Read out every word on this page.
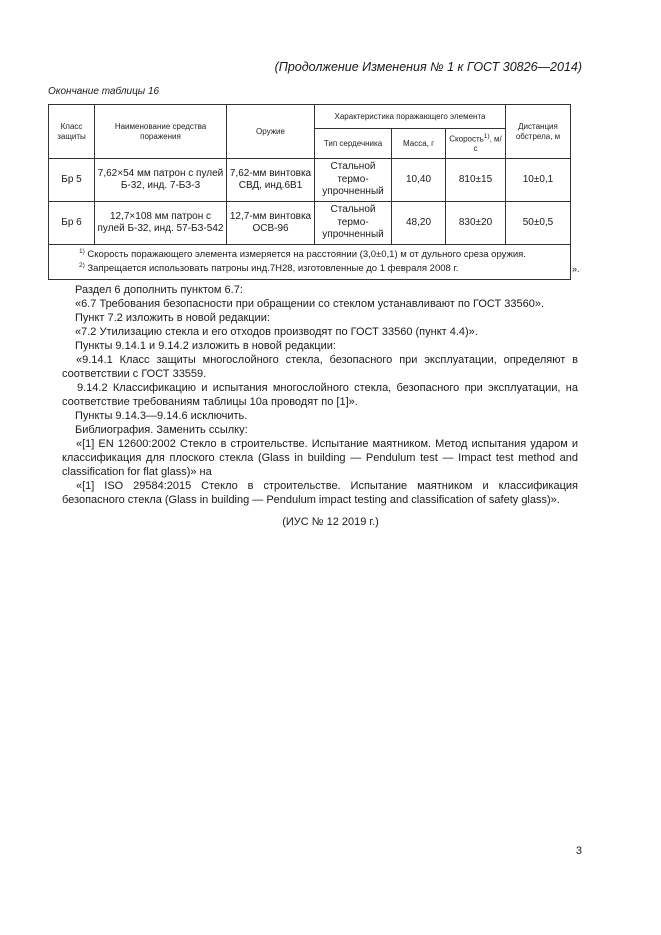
(Продолжение Изменения № 1 к ГОСТ 30826—2014)
Окончание таблицы 16
Класс защиты	Наименование средства поражения	Оружие	Характеристика поражающего элемента			Дистанция обстрела, м
			Тип сердечника	Масса, г	Скорость$^{1)}$, м/с	
Бр 5	7,62×54 мм патрон с пулей Б-32, инд. 7-БЗ-3	7,62-мм винтовка СВД, инд.6В1	Стальной термо-упрочненный	10,40	810±15	10±0,1
Бр 6	12,7×108 мм патрон с пулей Б-32, инд. 57-БЗ-542	12,7-мм винтовка ОСВ-96	Стальной термо-упрочненный	48,20	830±20	50±0,5

$^{1)}$ Скорость поражающего элемента измеряется на расстоянии (3,0±0,1) м от дульного среза оружия.
$^{2)}$ Запрещается использовать патроны инд.7Н28, изготовленные до 1 февраля 2008 г.							».

Раздел 6 дополнить пунктом 6.7:

«6.7 Требования безопасности при обращении со стеклом устанавливают по ГОСТ 33560».

Пункт 7.2 изложить в новой редакции:

«7.2 Утилизацию стекла и его отходов производят по ГОСТ 33560 (пункт 4.4)».

Пункты 9.14.1 и 9.14.2 изложить в новой редакции:

«9.14.1 Класс защиты многослойного стекла, безопасного при эксплуатации, определяют в соответствии с ГОСТ 33559.

9.14.2 Классификацию и испытания многослойного стекла, безопасного при эксплуатации, на соответствие требованиям таблицы 10а проводят по [1]».

Пункты 9.14.3—9.14.6 исключить.

Библиография. Заменить ссылку:

«[1] EN 12600:2002 Стекло в строительстве. Испытание маятником. Метод испытания ударом и классификация для плоского стекла (Glass in building — Pendulum test — Impact test method and classification for flat glass)» на

«[1] ISO 29584:2015 Стекло в строительстве. Испытание маятником и классификация безопасного стекла (Glass in building — Pendulum impact testing and classification of safety glass)».

(ИУС № 12 2019 г.)
3
